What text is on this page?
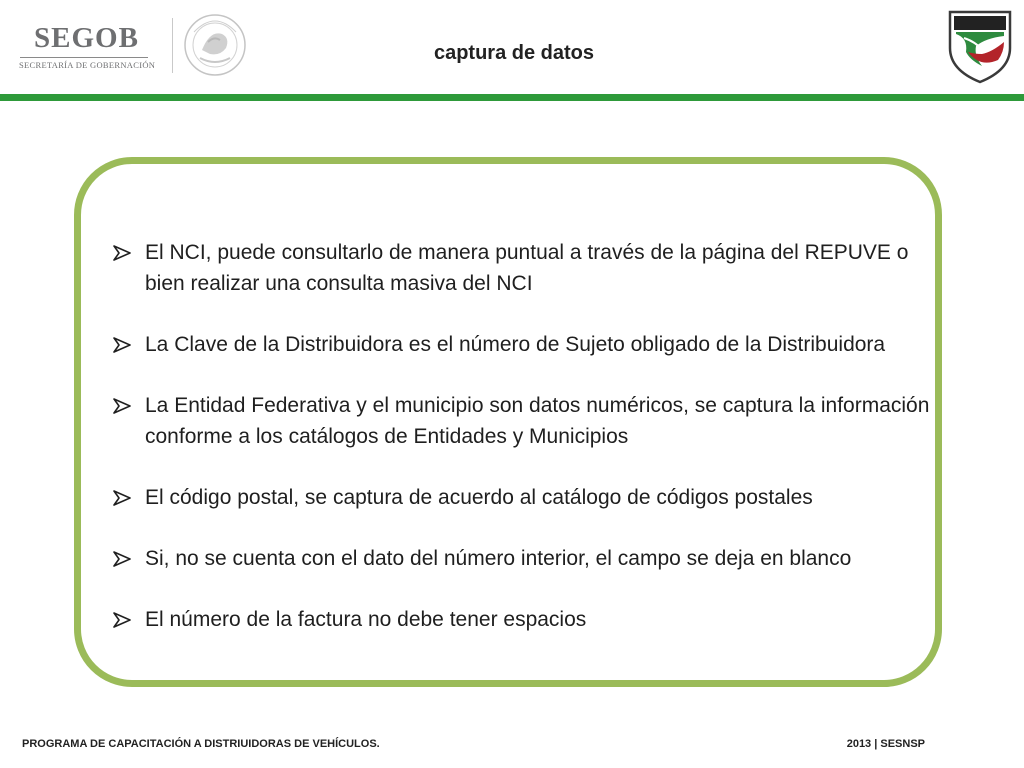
SEGOB
SECRETARÍA DE GOBERNACIÓN
captura de datos
El NCI, puede consultarlo de manera puntual a través de la página del REPUVE o bien realizar una consulta masiva del NCI
La Clave de la Distribuidora es el número de Sujeto obligado de la Distribuidora
La Entidad Federativa y el municipio son datos numéricos, se captura la información conforme a los catálogos de Entidades y Municipios
El código postal, se captura de acuerdo al catálogo de códigos postales
Si, no se cuenta con el dato del número interior, el campo se deja en blanco
El número de la factura no debe tener espacios
PROGRAMA DE CAPACITACIÓN A DISTRIUIDORAS DE VEHÍCULOS.	2013 | SESNSP
